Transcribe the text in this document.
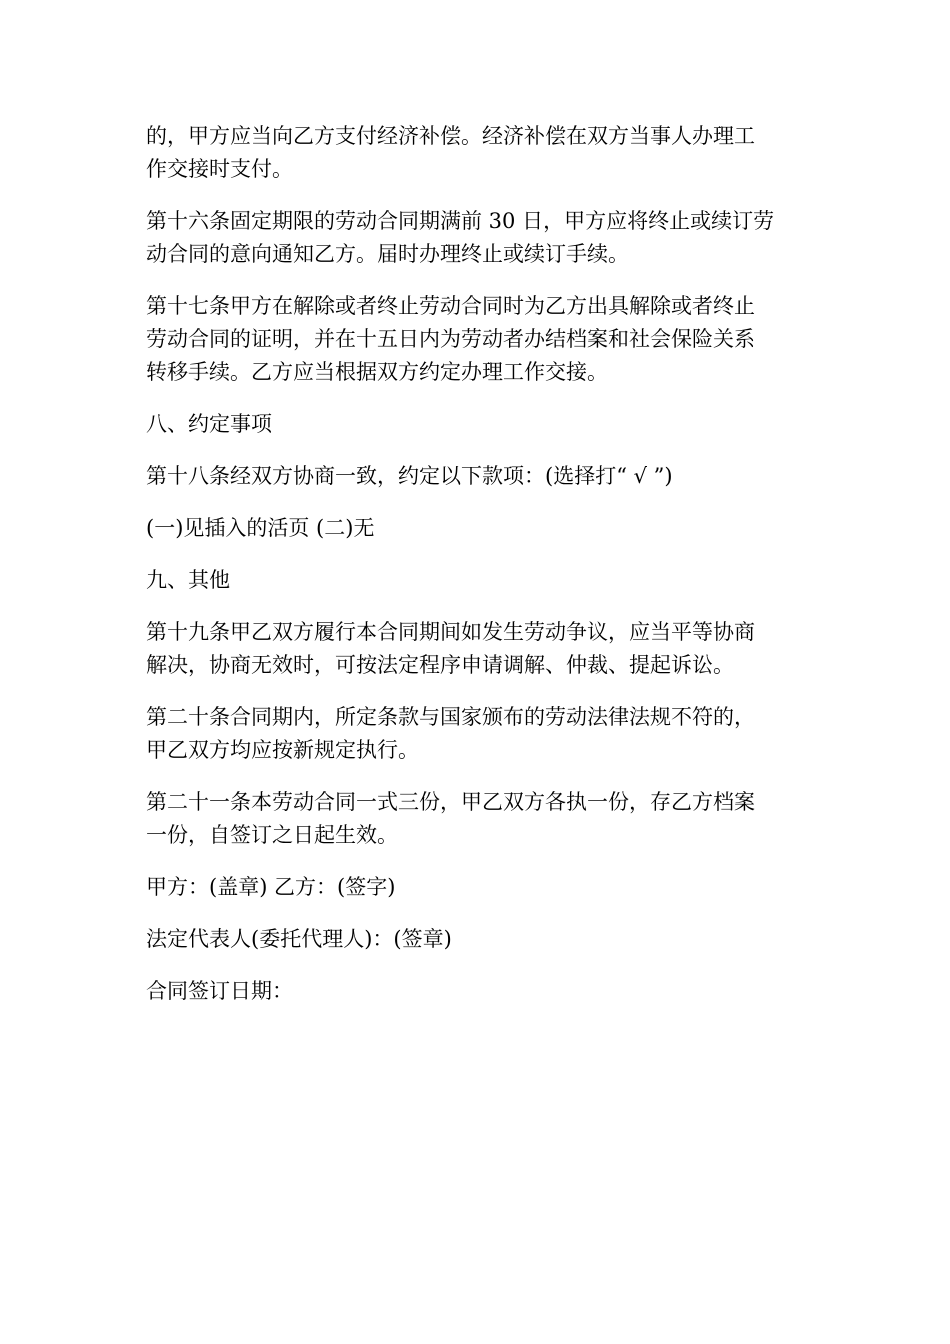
的，甲方应当向乙方支付经济补偿。经济补偿在双方当事人办理工
作交接时支付。

第十六条固定期限的劳动合同期满前 30 日，甲方应将终止或续订劳
动合同的意向通知乙方。届时办理终止或续订手续。

第十七条甲方在解除或者终止劳动合同时为乙方出具解除或者终止
劳动合同的证明，并在十五日内为劳动者办结档案和社会保险关系
转移手续。乙方应当根据双方约定办理工作交接。

八、约定事项

第十八条经双方协商一致，约定以下款项：(选择打“ √ ”)

(一)见插入的活页 (二)无

九、其他

第十九条甲乙双方履行本合同期间如发生劳动争议，应当平等协商
解决，协商无效时，可按法定程序申请调解、仲裁、提起诉讼。

第二十条合同期内，所定条款与国家颁布的劳动法律法规不符的，
甲乙双方均应按新规定执行。

第二十一条本劳动合同一式三份，甲乙双方各执一份，存乙方档案
一份，自签订之日起生效。

甲方：(盖章) 乙方：(签字)

法定代表人(委托代理人)：(签章)

合同签订日期：
